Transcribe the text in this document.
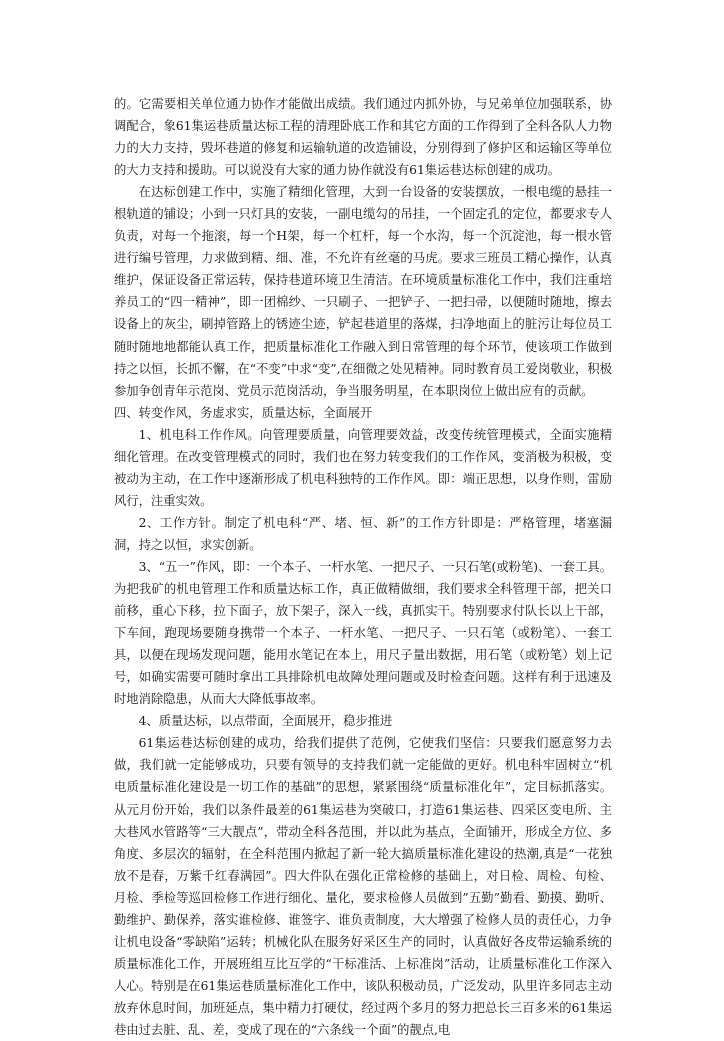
的。它需要相关单位通力协作才能做出成绩。我们通过内抓外协，与兄弟单位加强联系，协调配合，象61集运巷质量达标工程的清理卧底工作和其它方面的工作得到了全科各队人力物力的大力支持，毁坏巷道的修复和运输轨道的改造铺设，分别得到了修护区和运输区等单位的大力支持和援助。可以说没有大家的通力协作就没有61集运巷达标创建的成功。

在达标创建工作中，实施了精细化管理，大到一台设备的安装摆放，一根电缆的悬挂一根轨道的铺设；小到一只灯具的安装，一副电缆勾的吊挂，一个固定孔的定位，都要求专人负责，对每一个拖滚，每一个H架，每一个杠杆，每一个水沟，每一个沉淀池，每一根水管进行编号管理，力求做到精、细、准，不允许有丝毫的马虎。要求三班员工精心操作，认真维护，保证设备正常运转，保持巷道环境卫生清洁。在环境质量标准化工作中，我们注重培养员工的“四一精神”，即一团棉纱、一只刷子、一把铲子、一把扫帚，以便随时随地，擦去设备上的灰尘，刷掉管路上的锈迹尘迹，铲起巷道里的落煤，扫净地面上的脏污让每位员工随时随地地都能认真工作，把质量标准化工作融入到日常管理的每个环节，使该项工作做到持之以恒，长抓不懈，在“不变”中求“变”,在细微之处见精神。同时教育员工爱岗敬业，积极参加争创青年示范岗、党员示范岗活动，争当服务明星，在本职岗位上做出应有的贡献。

四、转变作风，务虚求实，质量达标，全面展开

1、机电科工作作风。向管理要质量，向管理要效益，改变传统管理模式，全面实施精细化管理。在改变管理模式的同时，我们也在努力转变我们的工作作风，变消极为积极，变被动为主动，在工作中逐渐形成了机电科独特的工作作风。即：端正思想，以身作则，雷励风行，注重实效。

2、工作方针。制定了机电科“严、堵、恒、新”的工作方针即是：严格管理，堵塞漏洞，持之以恒，求实创新。

3、“五一”作风，即：一个本子、一杆水笔、一把尺子、一只石笔(或粉笔)、一套工具。为把我矿的机电管理工作和质量达标工作，真正做精做细，我们要求全科管理干部，把关口前移，重心下移，拉下面子，放下架子，深入一线，真抓实干。特别要求付队长以上干部，下车间，跑现场要随身携带一个本子、一杆水笔、一把尺子、一只石笔（或粉笔）、一套工具，以便在现场发现问题，能用水笔记在本上，用尺子量出数据，用石笔（或粉笔）划上记号，如确实需要可随时拿出工具排除机电故障处理问题或及时检查问题。这样有利于迅速及时地消除隐患，从而大大降低事故率。

4、质量达标，以点带面，全面展开，稳步推进

61集运巷达标创建的成功，给我们提供了范例，它使我们坚信：只要我们愿意努力去做，我们就一定能够成功，只要有领导的支持我们就一定能做的更好。机电科牢固树立“机电质量标准化建设是一切工作的基础”的思想，紧紧围绕“质量标准化年”，定目标抓落实。从元月份开始，我们以条件最差的61集运巷为突破口，打造61集运巷、四采区变电所、主大巷风水管路等“三大靓点”，带动全科各范围，并以此为基点，全面铺开，形成全方位、多角度、多层次的辐射，在全科范围内掀起了新一轮大搞质量标准化建设的热潮,真是“一花独放不是春，万紫千红春满园”。四大件队在强化正常检修的基础上，对日检、周检、旬检、月检、季检等巡回检修工作进行细化、量化，要求检修人员做到”五勤”勤看、勤摸、勤听、勤维护、勤保养，落实谁检修、谁签字、谁负责制度，大大增强了检修人员的责任心，力争让机电设备“零缺陷”运转；机械化队在服务好采区生产的同时，认真做好各皮带运输系统的质量标准化工作，开展班组互比互学的“干标准活、上标准岗”活动，让质量标准化工作深入人心。特别是在61集运巷质量标准化工作中，该队积极动员，广泛发动，队里许多同志主动放弃休息时间，加班延点，集中精力打硬仗，经过两个多月的努力把总长三百多米的61集运巷由过去脏、乱、差，变成了现在的“六条线一个面”的靓点,电
